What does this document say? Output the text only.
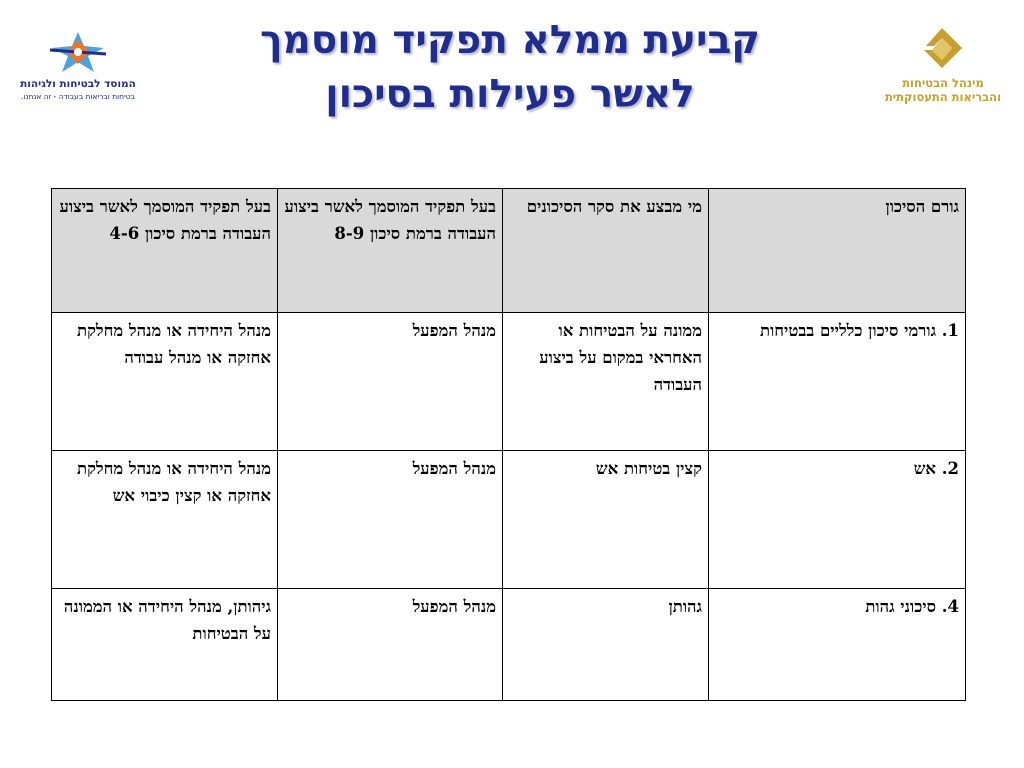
המוסד לבטיחות ולגיהות
בטיחות ובריאות בעבודה - זה אנחנו.
מינהל הבטיחות
והבריאות התעסוקתית
קביעת ממלא תפקיד מוסמך
לאשר פעילות בסיכון
גורם הסיכון	מי מבצע את סקר הסיכונים	בעל תפקיד המוסמך לאשר ביצוע העבודה ברמת סיכון 8-9	בעל תפקיד המוסמך לאשר ביצוע העבודה ברמת סיכון 4-6
1. גורמי סיכון כלליים בבטיחות	ממונה על הבטיחות או האחראי במקום על ביצוע העבודה	מנהל המפעל	מנהל היחידה או מנהל מחלקת אחזקה או מנהל עבודה
2. אש	קצין בטיחות אש	מנהל המפעל	מנהל היחידה או מנהל מחלקת אחזקה או קצין כיבוי אש
4. סיכוני גהות	גהותן	מנהל המפעל	גיהותן, מנהל היחידה או הממונה על הבטיחות
